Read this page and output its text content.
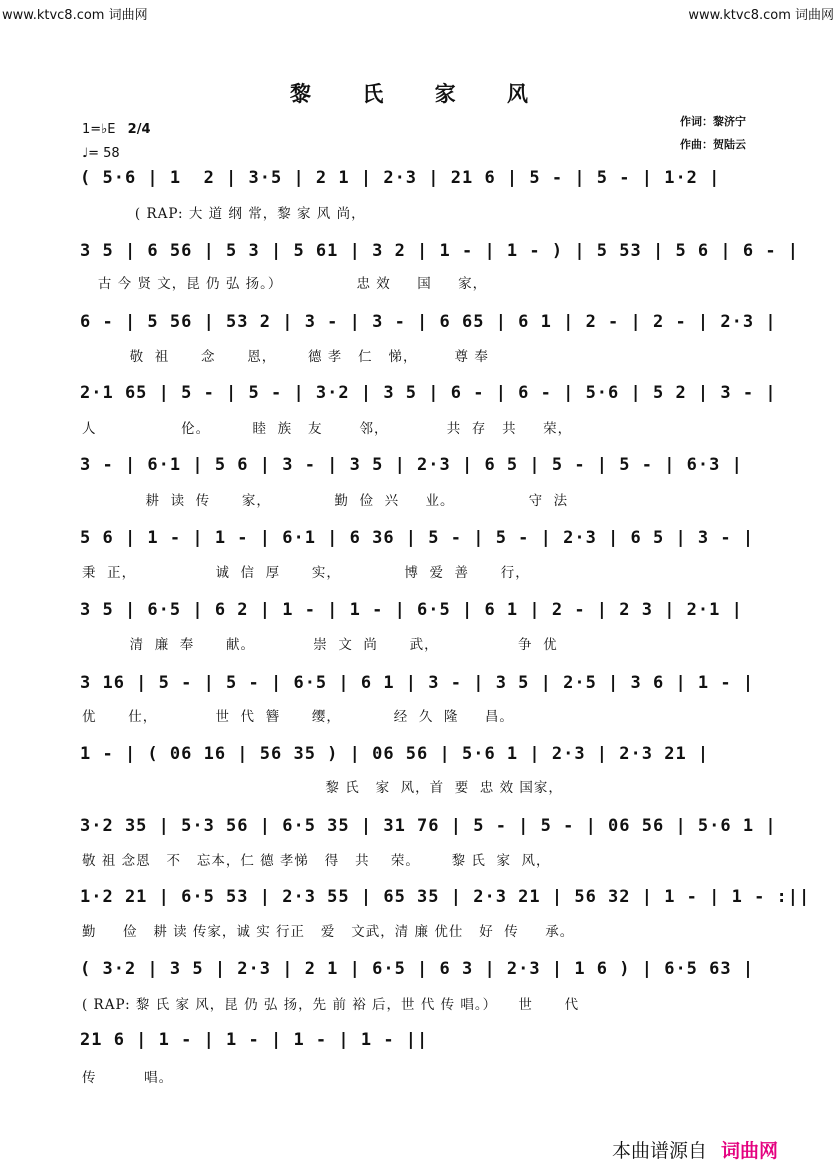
www.ktvc8.com 词曲网	www.ktvc8.com 词曲网
黎 氏 家 风
作词：黎济宁
作曲：贺陆云
1=♭E 2/4
♩= 58
( 5·6 | 1  2 | 3·5 | 2 1 | 2·3 | 21 6 | 5 - | 5 - | 1·2 |
( RAP: 大 道 纲 常，黎 家 风 尚，
3 5 | 6 56 | 5 3 | 5 61 | 3 2 | 1 - | 1 - ) | 5 53 | 5 6 | 6 - |
古 今 贤 文，昆 仍 弘 扬。）              忠 效     国     家，
6 - | 5 56 | 53 2 | 3 - | 3 - | 6 65 | 6 1 | 2 - | 2 - | 2·3 |
敬  祖      念      恩，      德 孝   仁   悌，       尊 奉
2·1 65 | 5 - | 5 - | 3·2 | 3 5 | 6 - | 6 - | 5·6 | 5 2 | 3 - |
人                伦。        睦  族   友       邻，           共  存   共     荣，
3 - | 6·1 | 5 6 | 3 - | 3 5 | 2·3 | 6 5 | 5 - | 5 - | 6·3 |
耕  读  传      家，            勤  俭  兴     业。              守  法
5 6 | 1 - | 1 - | 6·1 | 6 36 | 5 - | 5 - | 2·3 | 6 5 | 3 - |
秉  正，               诚  信  厚      实，            博  爱  善      行，
3 5 | 6·5 | 6 2 | 1 - | 1 - | 6·5 | 6 1 | 2 - | 2 3 | 2·1 |
清  廉  奉      献。           崇  文  尚      武，               争  优
3 16 | 5 - | 5 - | 6·5 | 6 1 | 3 - | 3 5 | 2·5 | 3 6 | 1 - |
优      仕，           世  代  簪      缨，          经  久  隆     昌。
1 - | ( 06 16 | 56 35 ) | 06 56 | 5·6 1 | 2·3 | 2·3 21 |
黎 氏   家  风，首  要  忠 效 国家，
3·2 35 | 5·3 56 | 6·5 35 | 31 76 | 5 - | 5 - | 06 56 | 5·6 1 |
敬 祖 念恩   不   忘本，仁 德 孝悌   得   共    荣。      黎 氏  家  风，
1·2 21 | 6·5 53 | 2·3 55 | 65 35 | 2·3 21 | 56 32 | 1 - | 1 - :||
勤     俭   耕 读 传家，诚 实 行正   爱   文武，清 廉 优仕   好  传     承。
( 3·2 | 3 5 | 2·3 | 2 1 | 6·5 | 6 3 | 2·3 | 1 6 ) | 6·5 63 |
( RAP: 黎 氏 家 风，昆 仍 弘 扬，先 前 裕 后，世 代 传 唱。）    世      代
21 6 | 1 - | 1 - | 1 - | 1 - ||
传         唱。
本曲谱源自 词曲网
